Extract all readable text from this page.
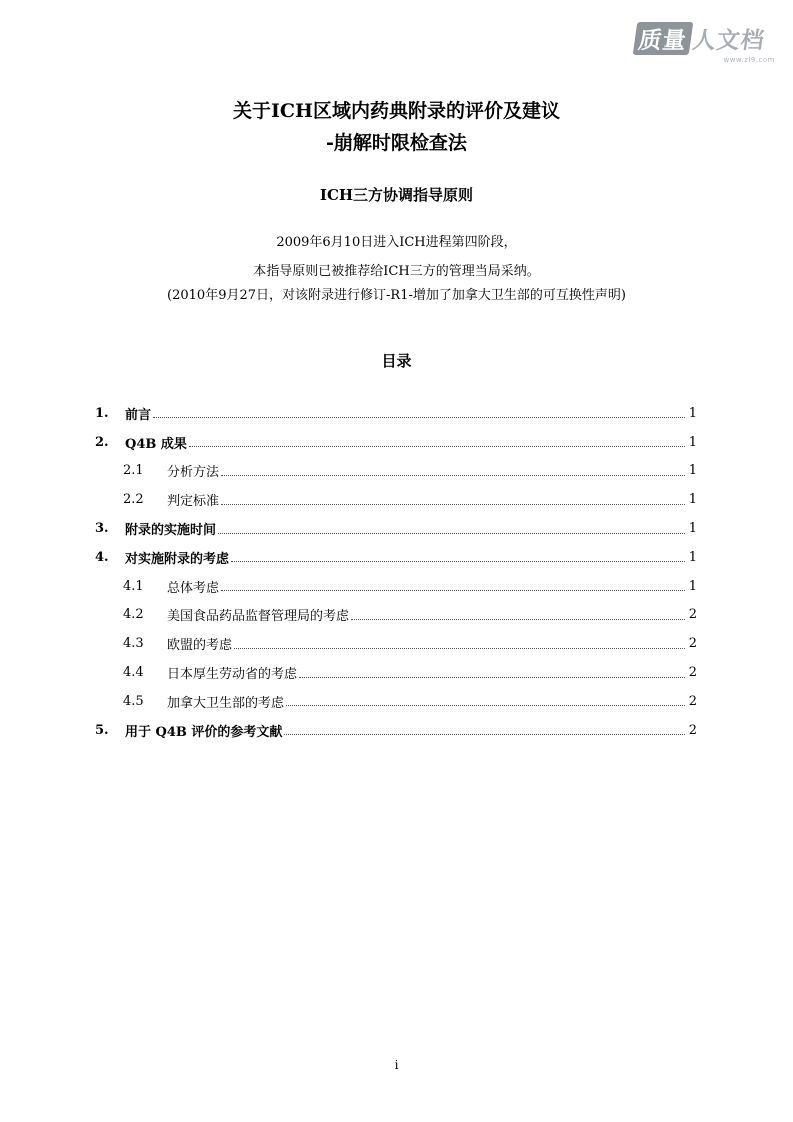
质量 人文档
www.zl9.com
关于ICH区域内药典附录的评价及建议
-崩解时限检查法
ICH三方协调指导原则
2009年6月10日进入ICH进程第四阶段，
本指导原则已被推荐给ICH三方的管理当局采纳。
(2010年9月27日，对该附录进行修订-R1-增加了加拿大卫生部的可互换性声明)
目录
1.	前言	1
2.	Q4B 成果	1
2.1	分析方法	1
2.2	判定标准	1
3.	附录的实施时间	1
4.	对实施附录的考虑	1
4.1	总体考虑	1
4.2	美国食品药品监督管理局的考虑	2
4.3	欧盟的考虑	2
4.4	日本厚生劳动省的考虑	2
4.5	加拿大卫生部的考虑	2
5.	用于 Q4B 评价的参考文献	2
i
